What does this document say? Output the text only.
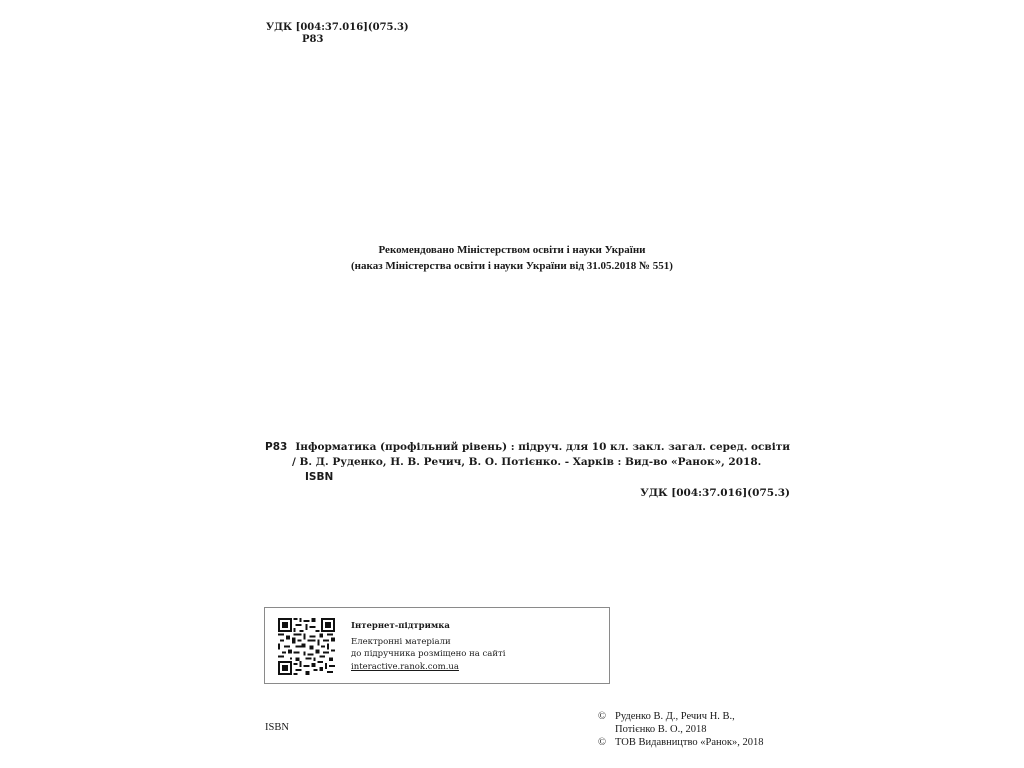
УДК [004:37.016](075.3)
Р83
Рекомендовано Міністерством освіти і науки України
(наказ Міністерства освіти і науки України від 31.05.2018 № 551)
Р83 Інформатика (профільний рівень) : підруч. для 10 кл. закл. загал. серед. освіти
/ В. Д. Руденко, Н. В. Речич, В. О. Потієнко. - Харків : Вид-во «Ранок», 2018.
ISBN
УДК [004:37.016](075.3)
Інтернет-підтримка
Електронні матеріали
до підручника розміщено на сайті
interactive.ranok.com.ua
ISBN
© Руденко В. Д., Речич Н. В.,
Потієнко В. О., 2018
© ТОВ Видавництво «Ранок», 2018
